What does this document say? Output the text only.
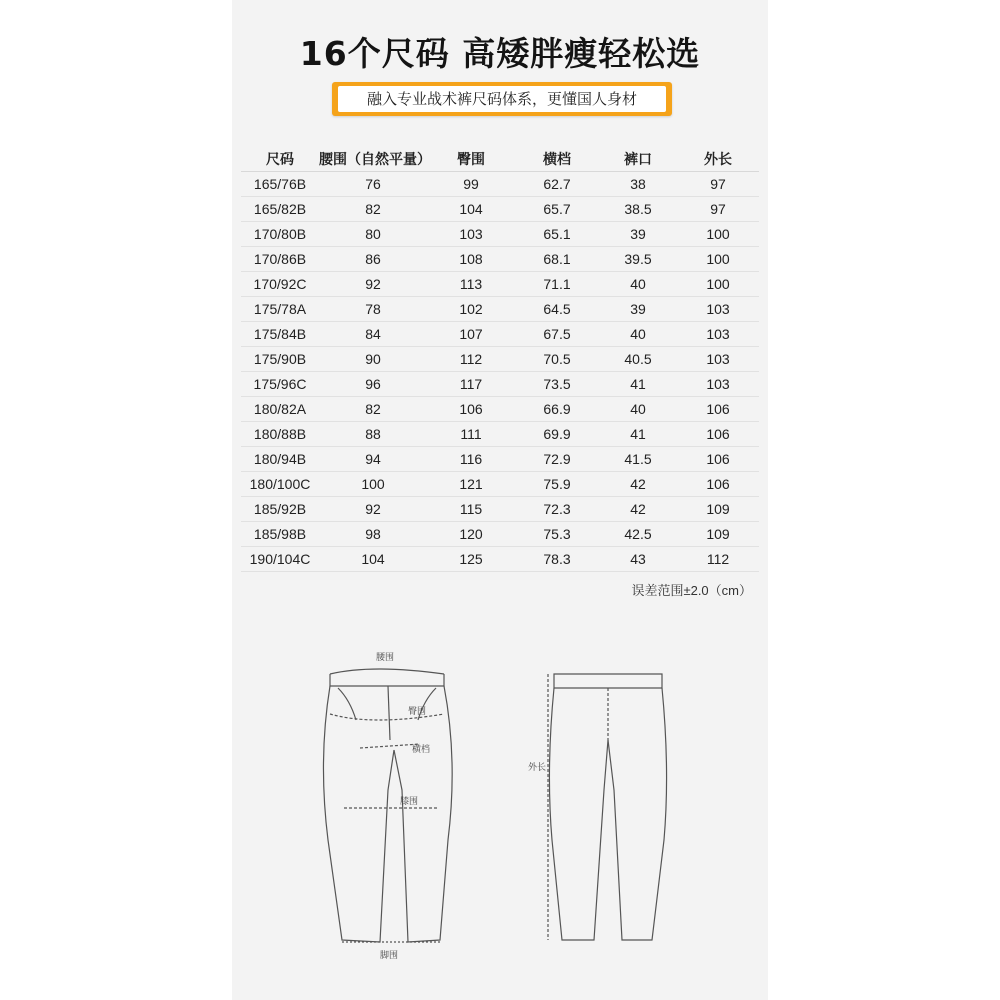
16个尺码 高矮胖瘦轻松选
融入专业战术裤尺码体系，更懂国人身材
尺码	腰围（自然平量）	臀围	横档	裤口	外长
165/76B	76	99	62.7	38	97
165/82B	82	104	65.7	38.5	97
170/80B	80	103	65.1	39	100
170/86B	86	108	68.1	39.5	100
170/92C	92	113	71.1	40	100
175/78A	78	102	64.5	39	103
175/84B	84	107	67.5	40	103
175/90B	90	112	70.5	40.5	103
175/96C	96	117	73.5	41	103
180/82A	82	106	66.9	40	106
180/88B	88	111	69.9	41	106
180/94B	94	116	72.9	41.5	106
180/100C	100	121	75.9	42	106
185/92B	92	115	72.3	42	109
185/98B	98	120	75.3	42.5	109
190/104C	104	125	78.3	43	112
误差范围±2.0（cm）
腰围
臀围
横档
膝围
脚围
外长
